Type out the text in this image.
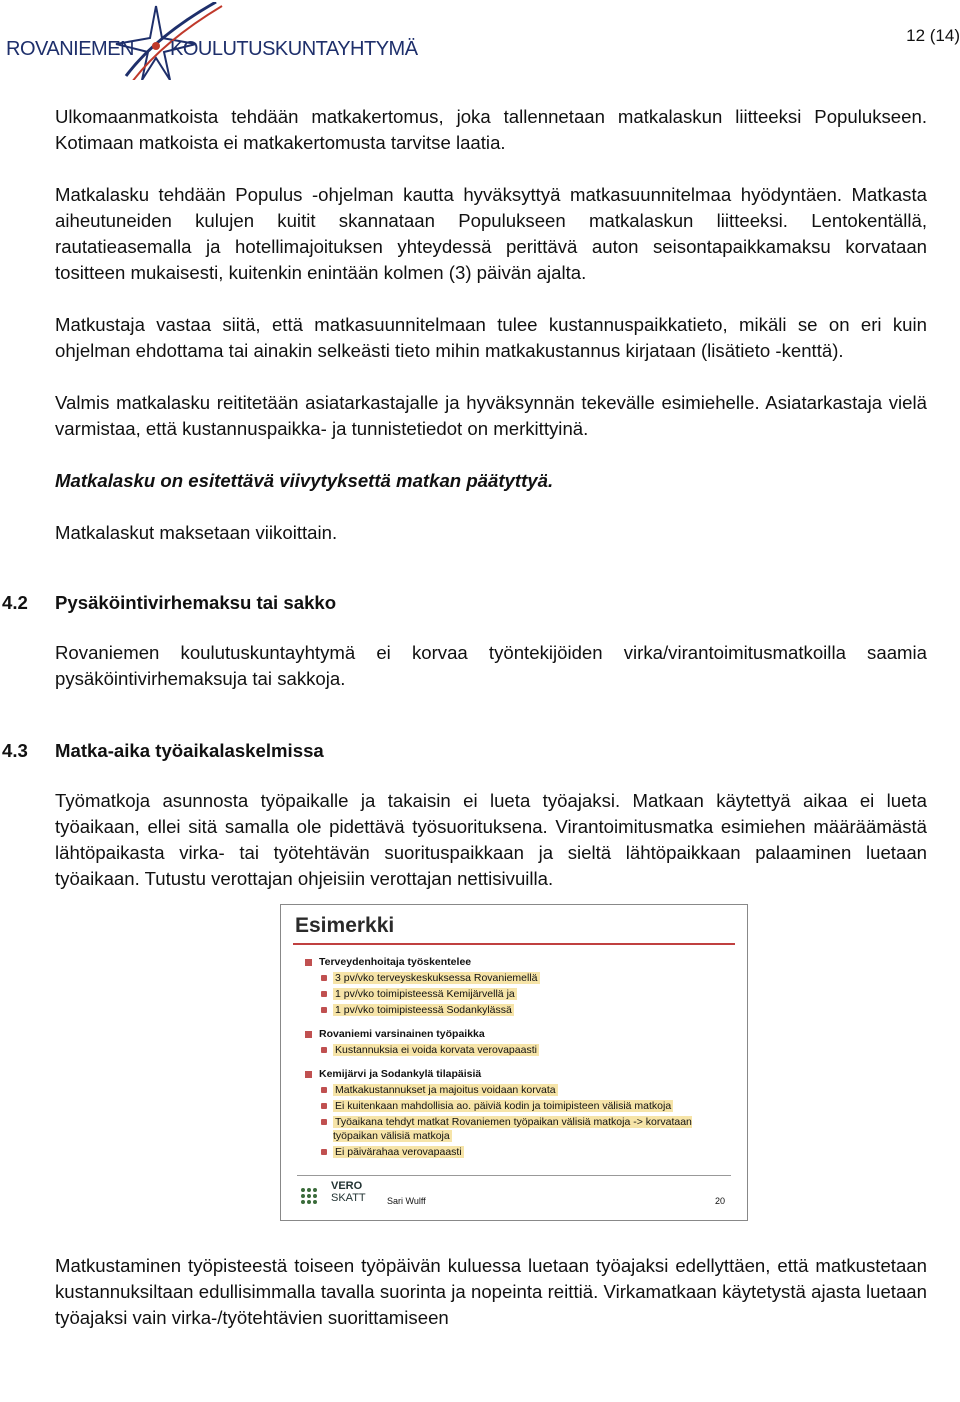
ROVANIEMEN KOULUTUSKUNTAYHTYMÄ
12 (14)

Ulkomaanmatkoista tehdään matkakertomus, joka tallennetaan matkalaskun liitteeksi Populukseen. Kotimaan matkoista ei matkakertomusta tarvitse laatia.

Matkalasku tehdään Populus -ohjelman kautta hyväksyttyä matkasuunnitelmaa hyödyntäen. Matkasta aiheutuneiden kulujen kuitit skannataan Populukseen matkalaskun liitteeksi. Lentokentällä, rautatieasemalla ja hotellimajoituksen yhteydessä perittävä auton seisontapaikkamaksu korvataan tositteen mukaisesti, kuitenkin enintään kolmen (3) päivän ajalta.

Matkustaja vastaa siitä, että matkasuunnitelmaan tulee kustannuspaikkatieto, mikäli se on eri kuin ohjelman ehdottama tai ainakin selkeästi tieto mihin matkakustannus kirjataan (lisätieto -kenttä).

Valmis matkalasku reititetään asiatarkastajalle ja hyväksynnän tekevälle esimiehelle. Asiatarkastaja vielä varmistaa, että kustannuspaikka- ja tunnistetiedot on merkittyinä.

Matkalasku on esitettävä viivytyksettä matkan päätyttyä.

Matkalaskut maksetaan viikoittain.

4.2 Pysäköintivirhemaksu tai sakko

Rovaniemen koulutuskuntayhtymä ei korvaa työntekijöiden virka/virantoimitusmatkoilla saamia pysäköintivirhemaksuja tai sakkoja.

4.3 Matka-aika työaikalaskelmissa

Työmatkoja asunnosta työpaikalle ja takaisin ei lueta työajaksi. Matkaan käytettyä aikaa ei lueta työaikaan, ellei sitä samalla ole pidettävä työsuorituksena. Virantoimitusmatka esimiehen määräämästä lähtöpaikasta virka- tai työtehtävän suorituspaikkaan ja sieltä lähtöpaikkaan palaaminen luetaan työaikaan. Tutustu verottajan ohjeisiin verottajan nettisivuilla.

Esimerkki
Terveydenhoitaja työskentelee
3 pv/vko terveyskeskuksessa Rovaniemellä
1 pv/vko toimipisteessä Kemijärvellä ja
1 pv/vko toimipisteessä Sodankylässä
Rovaniemi varsinainen työpaikka
Kustannuksia ei voida korvata verovapaasti
Kemijärvi ja Sodankylä tilapäisiä
Matkakustannukset ja majoitus voidaan korvata
Ei kuitenkaan mahdollisia ao. päiviä kodin ja toimipisteen välisiä matkoja
Työaikana tehdyt matkat Rovaniemen työpaikan välisiä matkoja -> korvataan työpaikan välisiä matkoja
Ei päivärahaa verovapaasti
VERO
SKATT Sari Wulff	20

Matkustaminen työpisteestä toiseen työpäivän kuluessa luetaan työajaksi edellyttäen, että matkustetaan kustannuksiltaan edullisimmalla tavalla suorinta ja nopeinta reittiä. Virkamatkaan käytetystä ajasta luetaan työajaksi vain virka-/työtehtävien suorittamiseen
